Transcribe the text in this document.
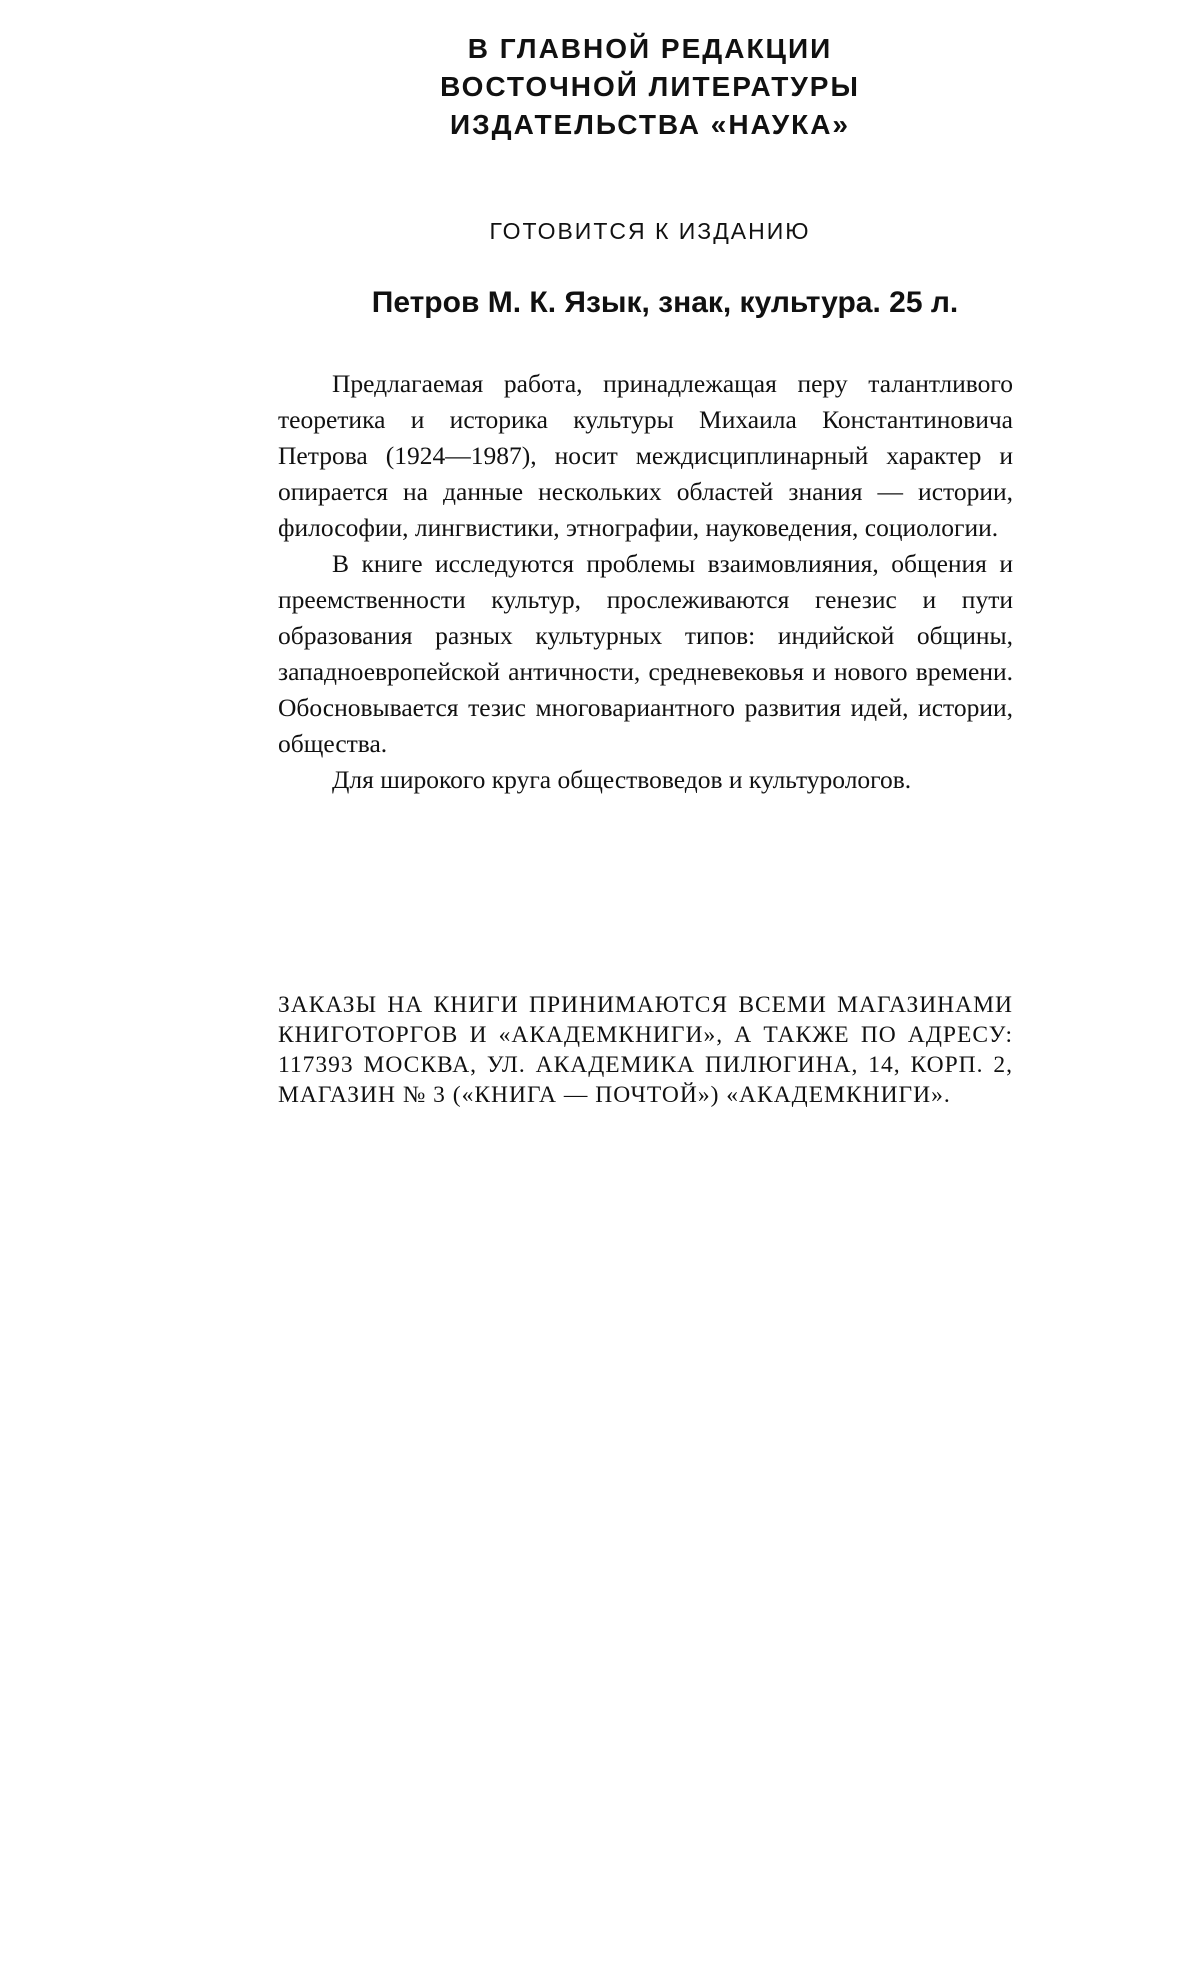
В ГЛАВНОЙ РЕДАКЦИИ
ВОСТОЧНОЙ ЛИТЕРАТУРЫ
ИЗДАТЕЛЬСТВА «НАУКА»
ГОТОВИТСЯ К ИЗДАНИЮ
Петров М. К. Язык, знак, культура. 25 л.

Предлагаемая работа, принадлежащая перу талантливого теоретика и историка культуры Михаила Константиновича Петрова (1924—1987), носит междисциплинарный характер и опирается на данные нескольких областей знания — истории, философии, лингвистики, этнографии, науковедения, социологии.

В книге исследуются проблемы взаимовлияния, общения и преемственности культур, прослеживаются генезис и пути образования разных культурных типов: индийской общины, западноевропейской античности, средневековья и нового времени. Обосновывается тезис многовариантного развития идей, истории, общества.

Для широкого круга обществоведов и культурологов.

ЗАКАЗЫ НА КНИГИ ПРИНИМАЮТСЯ ВСЕМИ МАГАЗИНАМИ КНИГОТОРГОВ И «АКАДЕМКНИГИ», А ТАКЖЕ ПО АДРЕСУ: 117393 МОСКВА, УЛ. АКАДЕМИКА ПИЛЮГИНА, 14, КОРП. 2, МАГАЗИН № 3 («КНИГА — ПОЧТОЙ») «АКАДЕМКНИГИ».
